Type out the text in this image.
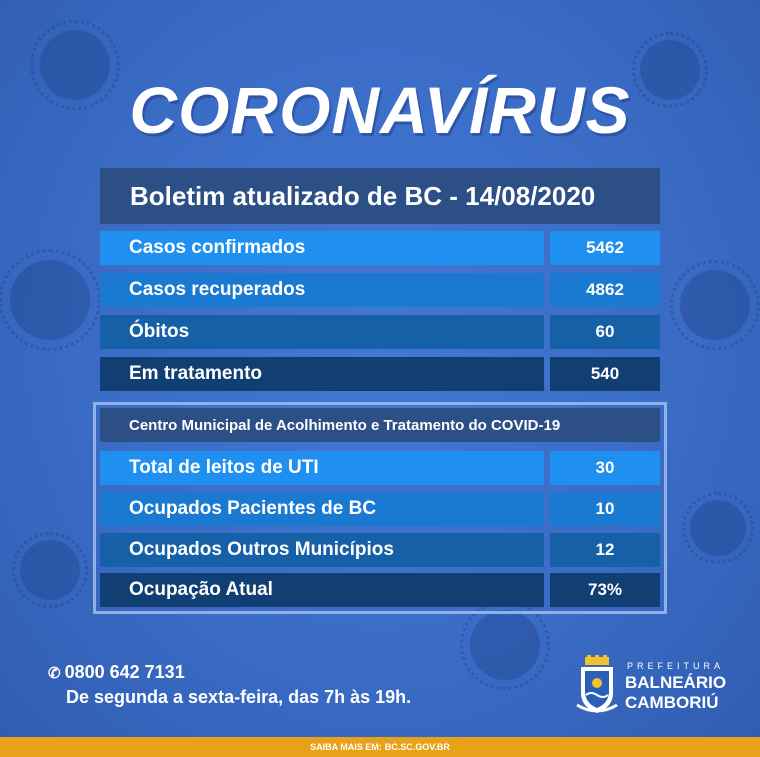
CORONAVÍRUS
Boletim atualizado de BC - 14/08/2020
Casos confirmados	5462
Casos recuperados	4862
Óbitos	60
Em tratamento	540
Centro Municipal de Acolhimento e Tratamento do COVID-19
Total de leitos de UTI	30
Ocupados Pacientes de BC	10
Ocupados Outros Municípios	12
Ocupação Atual	73%
✆ 0800 642 7131
De segunda a sexta-feira, das 7h às 19h.
PREFEITURA
BALNEÁRIO
CAMBORIÚ
SAIBA MAIS EM: BC.SC.GOV.BR
